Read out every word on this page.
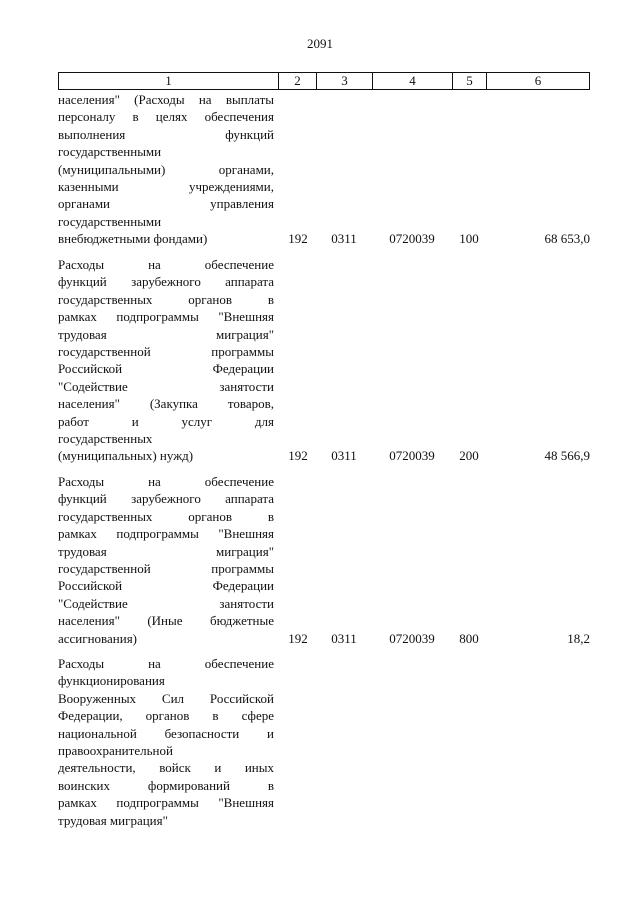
2091
1	2	3	4	5	6
населения" (Расходы на выплаты
персоналу в целях обеспечения
выполнения функций
государственными
(муниципальными) органами,
казенными учреждениями,
органами управления
государственными
внебюджетными фондами)	192	0311	0720039	100	68 653,0
Расходы на обеспечение
функций зарубежного аппарата
государственных органов в
рамках подпрограммы "Внешняя
трудовая миграция"
государственной программы
Российской Федерации
"Содействие занятости
населения" (Закупка товаров,
работ и услуг для
государственных
(муниципальных) нужд)	192	0311	0720039	200	48 566,9
Расходы на обеспечение
функций зарубежного аппарата
государственных органов в
рамках подпрограммы "Внешняя
трудовая миграция"
государственной программы
Российской Федерации
"Содействие занятости
населения" (Иные бюджетные
ассигнования)	192	0311	0720039	800	18,2
Расходы на обеспечение
функционирования
Вооруженных Сил Российской
Федерации, органов в сфере
национальной безопасности и
правоохранительной
деятельности, войск и иных
воинских формирований в
рамках подпрограммы "Внешняя
трудовая миграция"
